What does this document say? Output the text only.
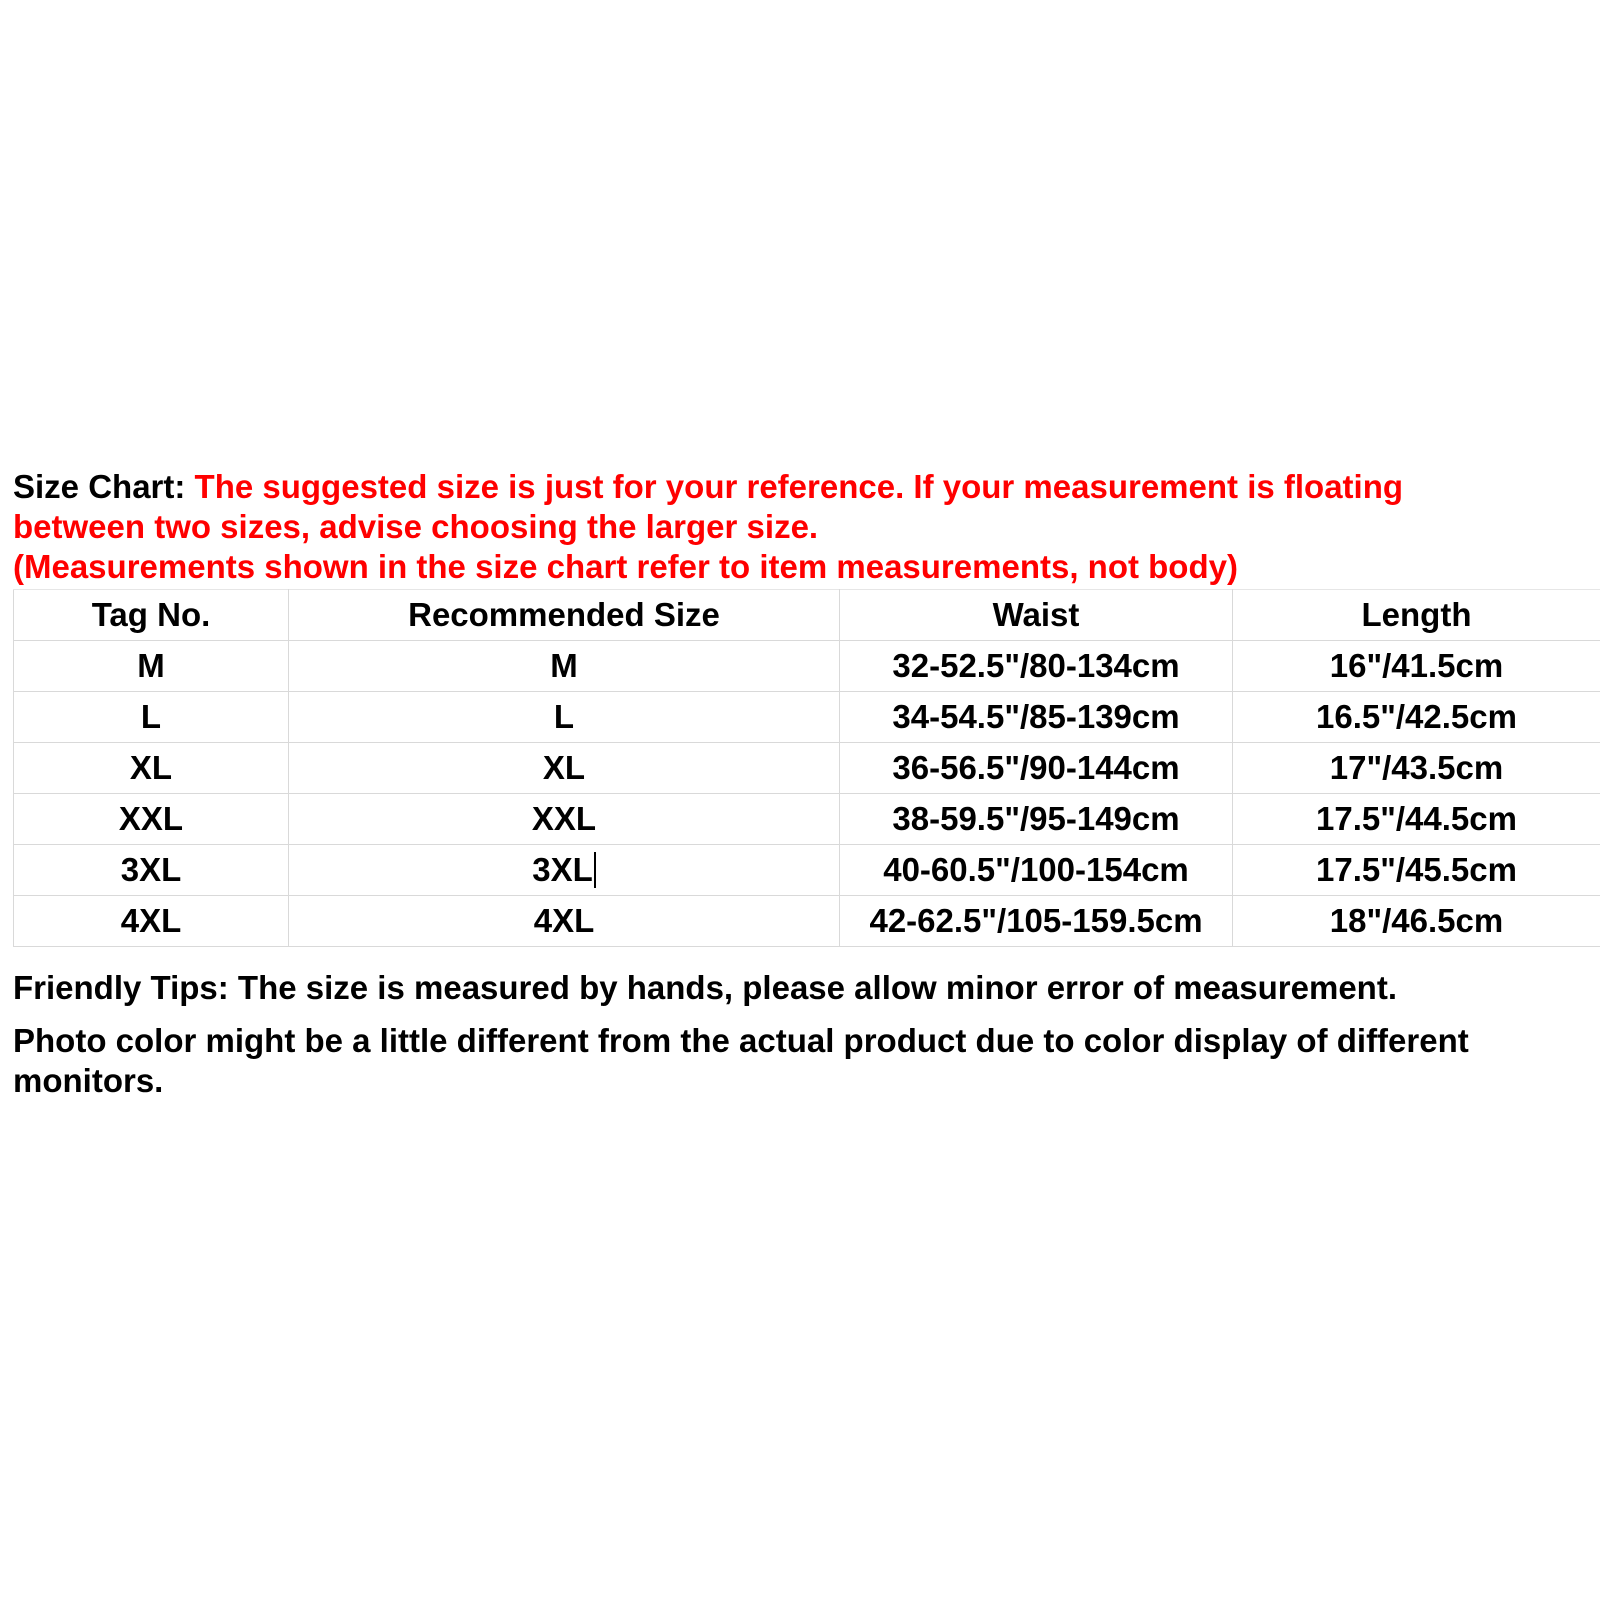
Size Chart: The suggested size is just for your reference. If your measurement is floating
between two sizes, advise choosing the larger size.
(Measurements shown in the size chart refer to item measurements, not body)
Tag No.	Recommended Size	Waist	Length
M	M	32-52.5"/80-134cm	16"/41.5cm
L	L	34-54.5"/85-139cm	16.5"/42.5cm
XL	XL	36-56.5"/90-144cm	17"/43.5cm
XXL	XXL	38-59.5"/95-149cm	17.5"/44.5cm
3XL	3XL	40-60.5"/100-154cm	17.5"/45.5cm
4XL	4XL	42-62.5"/105-159.5cm	18"/46.5cm

Friendly Tips: The size is measured by hands, please allow minor error of measurement.

Photo color might be a little different from the actual product due to color display of different
monitors.
